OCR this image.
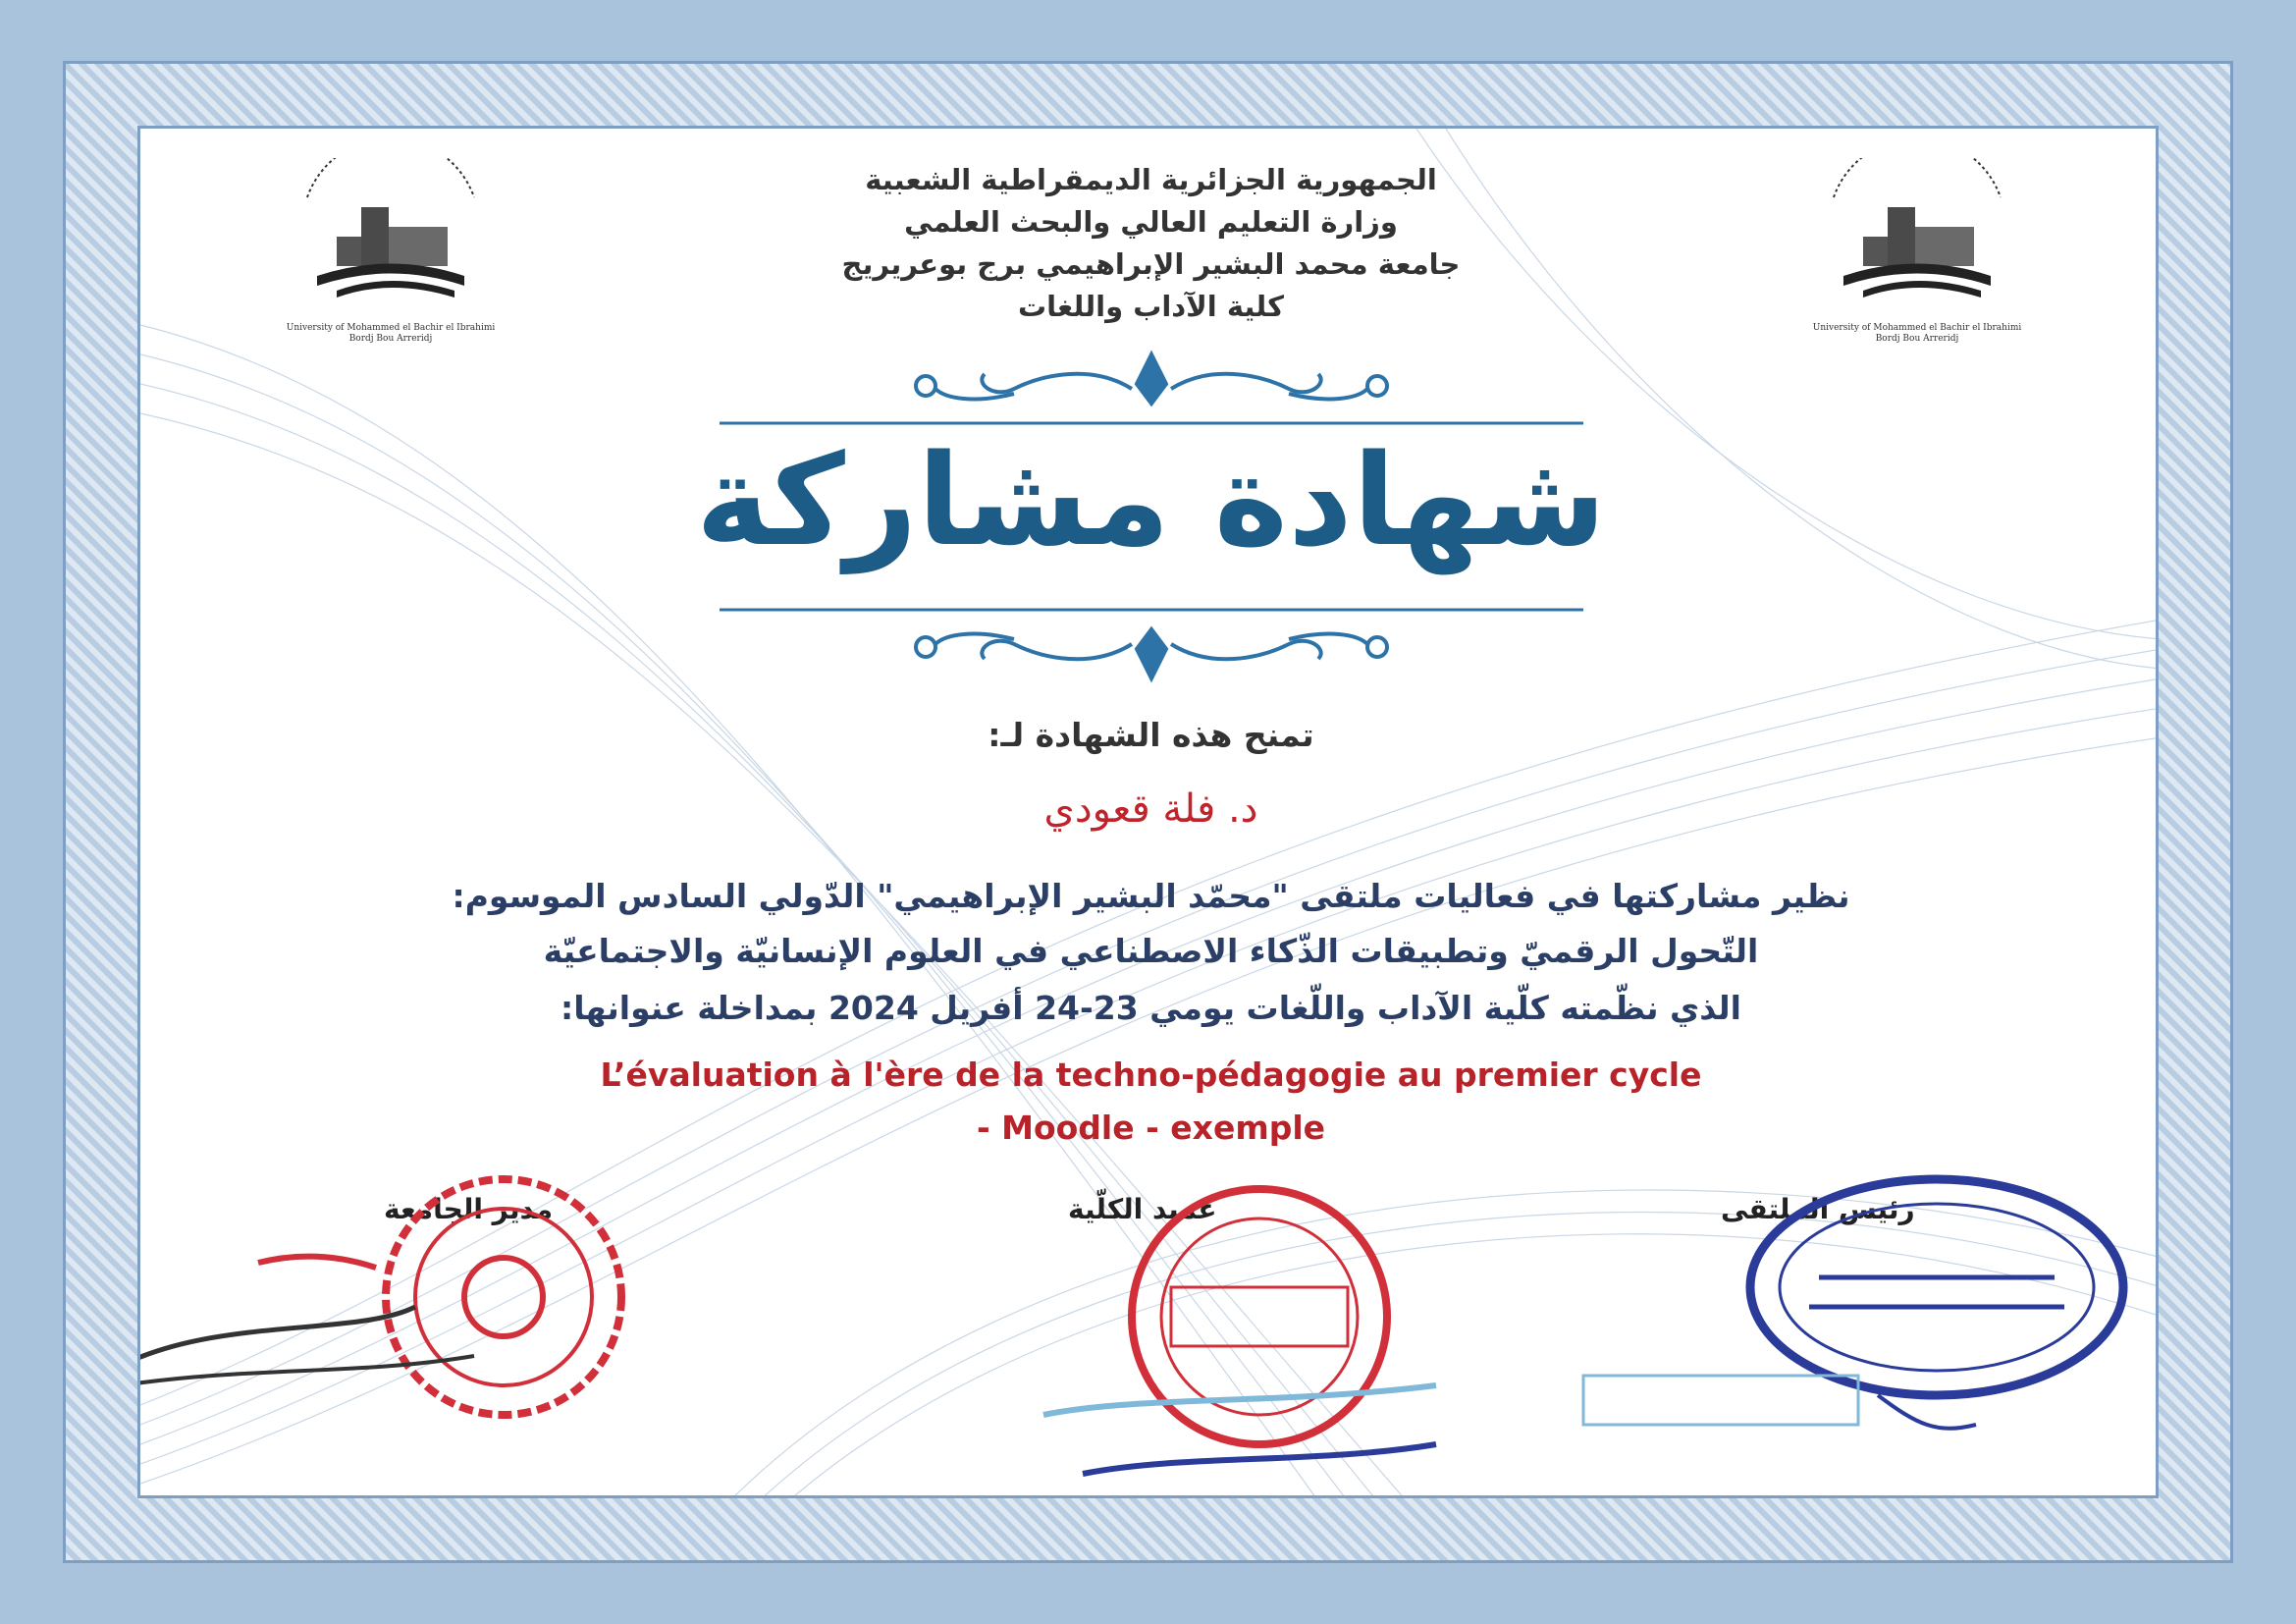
University of Mohammed el Bachir el Ibrahimi
Bordj Bou Arreridj
University of Mohammed el Bachir el Ibrahimi
Bordj Bou Arreridj
الجمهورية الجزائرية الديمقراطية الشعبية
وزارة التعليم العالي والبحث العلمي
جامعة محمد البشير الإبراهيمي برج بوعريريج
كلية الآداب واللغات
شهادة مشاركة
تمنح هذه الشهادة لـ:
د. فلة قعودي
نظير مشاركتها في فعاليات ملتقى "محمّد البشير الإبراهيمي" الدّولي السادس الموسوم:
التّحول الرقميّ وتطبيقات الذّكاء الاصطناعي في العلوم الإنسانيّة والاجتماعيّة
الذي نظّمته كلّية الآداب واللّغات يومي 23-24 أفريل 2024 بمداخلة عنوانها:
L’évaluation à l'ère de la techno-pédagogie au premier cycle
- Moodle - exemple
رئيس الملتقى
عميد الكلّية
مدير الجامعة
